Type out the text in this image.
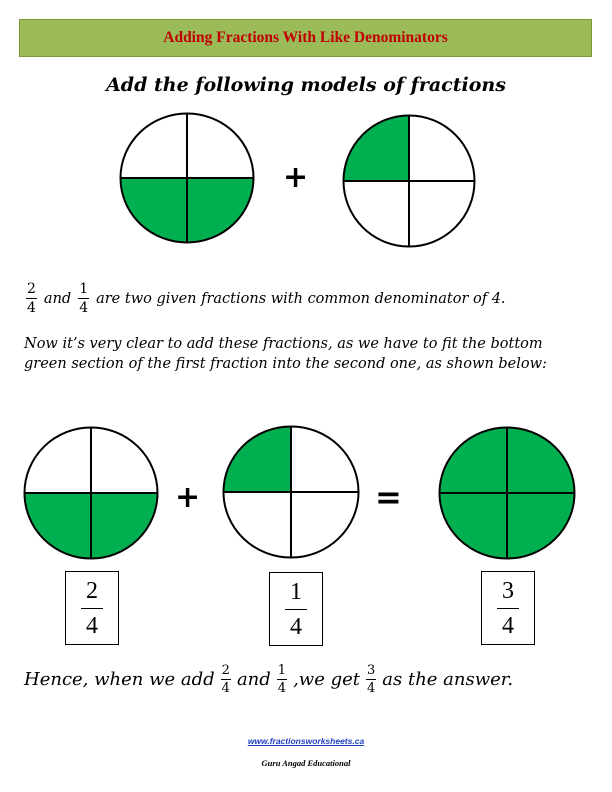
Adding Fractions With Like Denominators
Add the following models of fractions
+
$\frac{2}{4}$ and $\frac{1}{4}$ are two given fractions with common denominator of 4.
Now it’s very clear to add these fractions, as we have to fit the bottom
green section of the first fraction into the second one, as shown below:
+	=
$\frac{2}{4}$	$\frac{1}{4}$	$\frac{3}{4}$
Hence, when we add $\frac{2}{4}$ and $\frac{1}{4} ,we$ get $\frac{3}{4}$ as the answer.
www.fractionsworksheets.ca
Guru Angad Educational
